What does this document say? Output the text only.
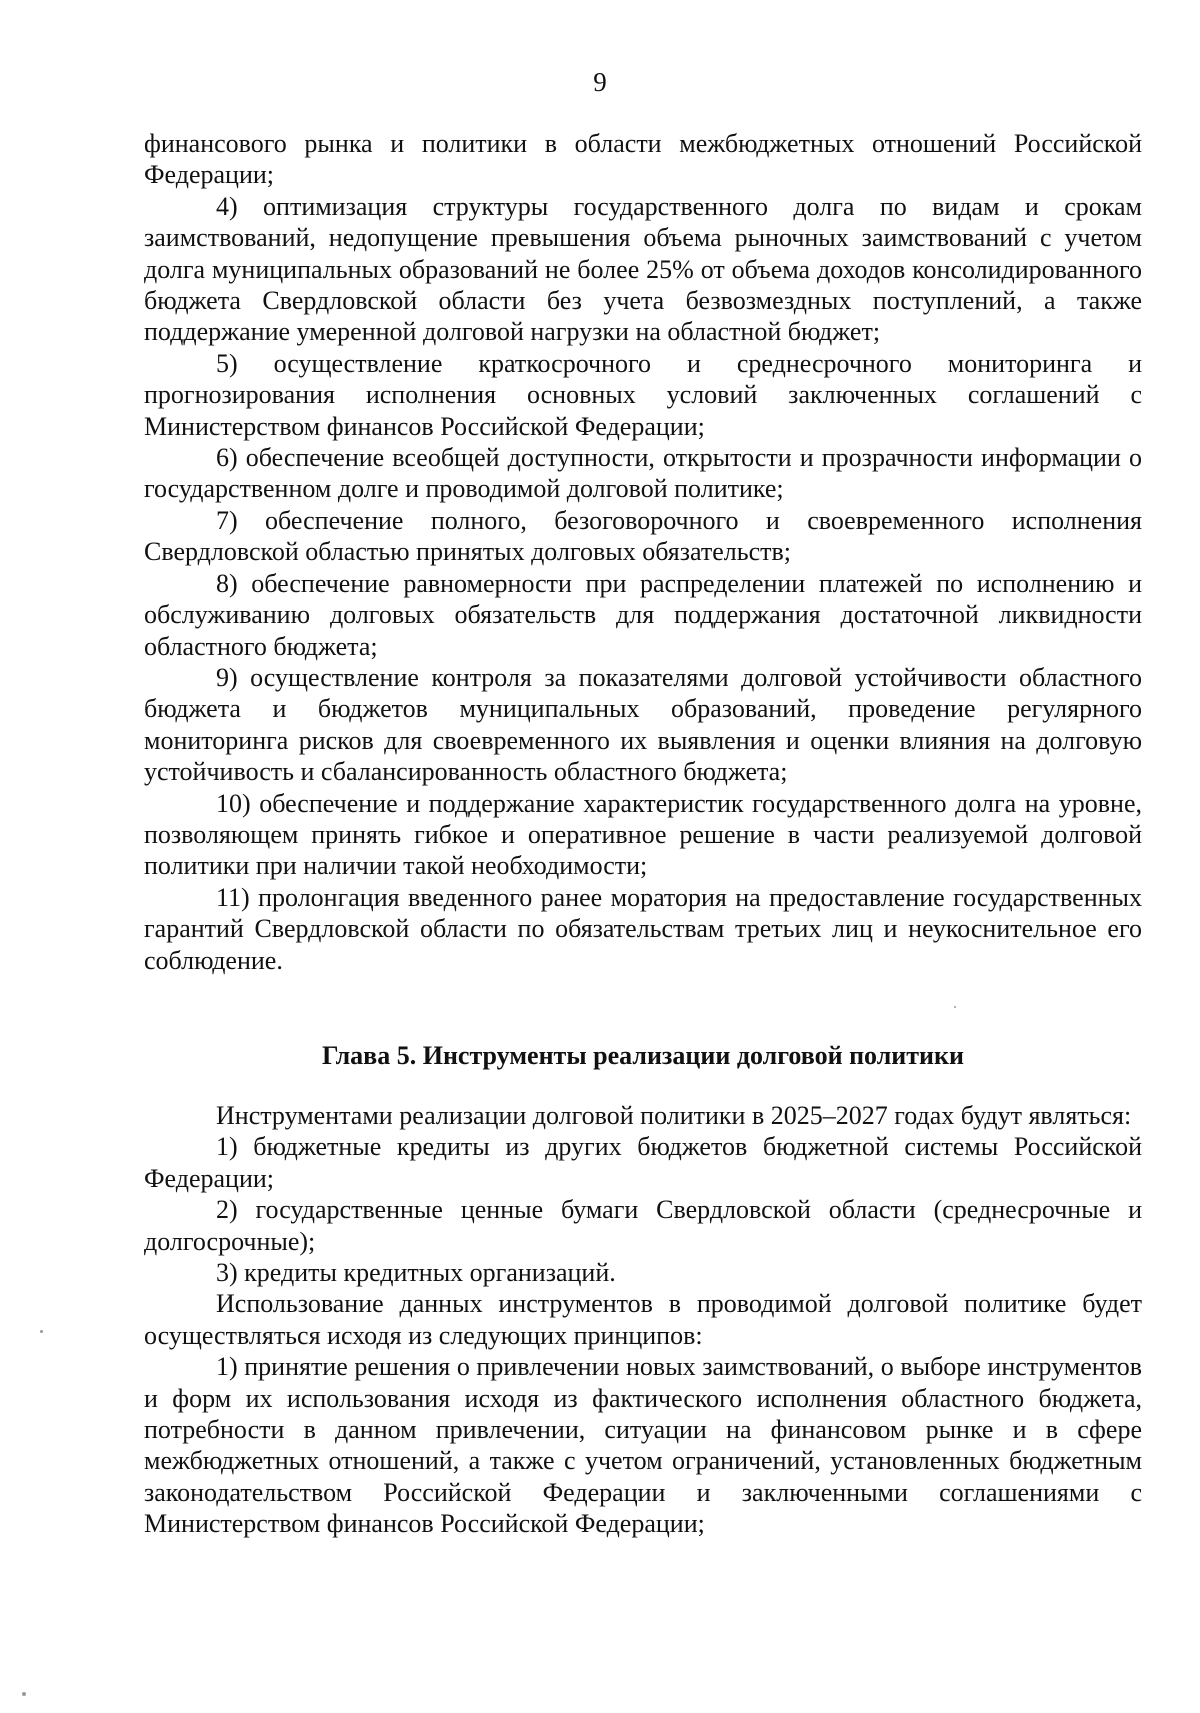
9

финансового рынка и политики в области межбюджетных отношений Российской Федерации;

4) оптимизация структуры государственного долга по видам и срокам заимствований, недопущение превышения объема рыночных заимствований с учетом долга муниципальных образований не более 25% от объема доходов консолидированного бюджета Свердловской области без учета безвозмездных поступлений, а также поддержание умеренной долговой нагрузки на областной бюджет;

5) осуществление краткосрочного и среднесрочного мониторинга и прогнозирования исполнения основных условий заключенных соглашений с Министерством финансов Российской Федерации;

6) обеспечение всеобщей доступности, открытости и прозрачности информации о государственном долге и проводимой долговой политике;

7) обеспечение полного, безоговорочного и своевременного исполнения Свердловской областью принятых долговых обязательств;

8) обеспечение равномерности при распределении платежей по исполнению и обслуживанию долговых обязательств для поддержания достаточной ликвидности областного бюджета;

9) осуществление контроля за показателями долговой устойчивости областного бюджета и бюджетов муниципальных образований, проведение регулярного мониторинга рисков для своевременного их выявления и оценки влияния на долговую устойчивость и сбалансированность областного бюджета;

10) обеспечение и поддержание характеристик государственного долга на уровне, позволяющем принять гибкое и оперативное решение в части реализуемой долговой политики при наличии такой необходимости;

11) пролонгация введенного ранее моратория на предоставление государственных гарантий Свердловской области по обязательствам третьих лиц и неукоснительное его соблюдение.

Глава 5. Инструменты реализации долговой политики

Инструментами реализации долговой политики в 2025–2027 годах будут являться:

1) бюджетные кредиты из других бюджетов бюджетной системы Российской Федерации;

2) государственные ценные бумаги Свердловской области (среднесрочные и долгосрочные);

3) кредиты кредитных организаций.

Использование данных инструментов в проводимой долговой политике будет осуществляться исходя из следующих принципов:

1) принятие решения о привлечении новых заимствований, о выборе инструментов и форм их использования исходя из фактического исполнения областного бюджета, потребности в данном привлечении, ситуации на финансовом рынке и в сфере межбюджетных отношений, а также с учетом ограничений, установленных бюджетным законодательством Российской Федерации и заключенными соглашениями с Министерством финансов Российской Федерации;
